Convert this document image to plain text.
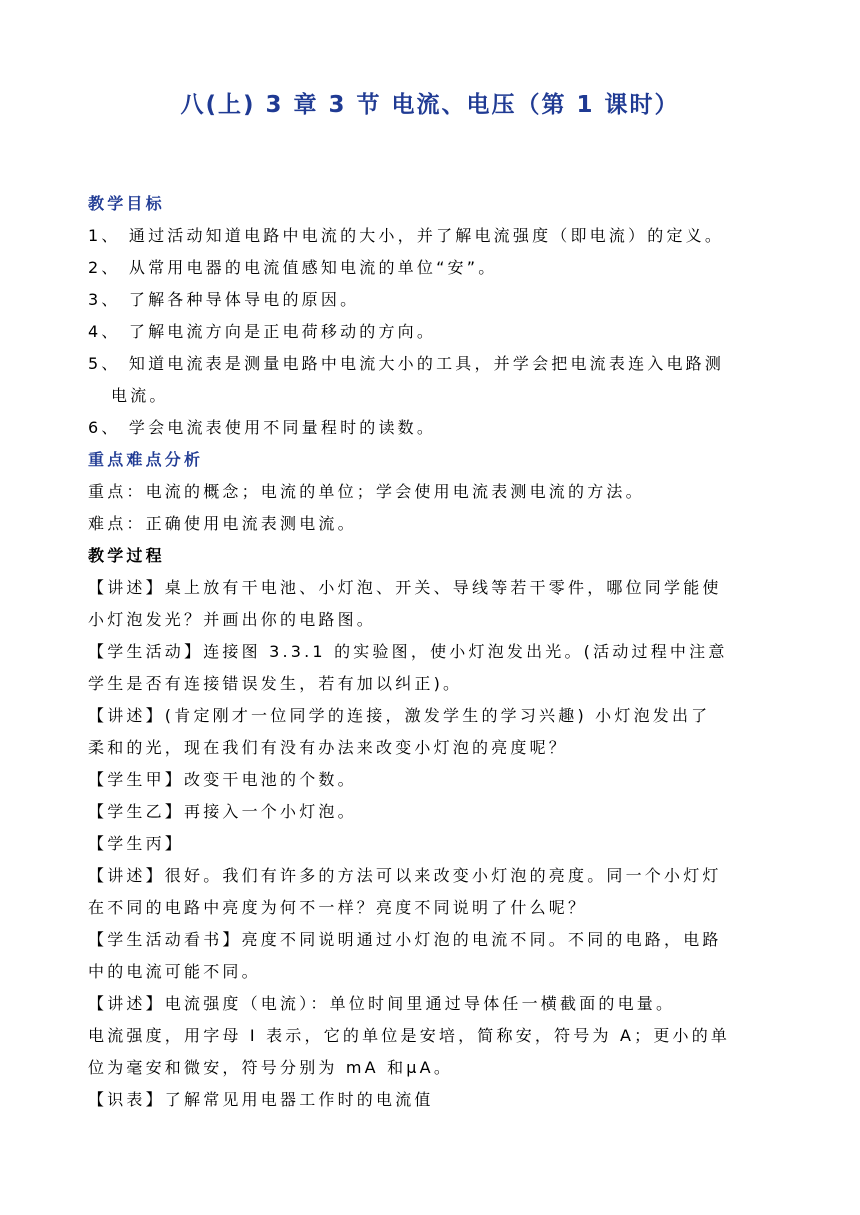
八(上) 3 章 3 节 电流、电压（第 1 课时）
教学目标
1、 通过活动知道电路中电流的大小，并了解电流强度（即电流）的定义。
2、 从常用电器的电流值感知电流的单位“安”。
3、 了解各种导体导电的原因。
4、 了解电流方向是正电荷移动的方向。
5、 知道电流表是测量电路中电流大小的工具，并学会把电流表连入电路测
电流。
6、 学会电流表使用不同量程时的读数。
重点难点分析
重点：电流的概念；电流的单位；学会使用电流表测电流的方法。
难点：正确使用电流表测电流。
教学过程
【讲述】桌上放有干电池、小灯泡、开关、导线等若干零件，哪位同学能使
小灯泡发光？并画出你的电路图。
【学生活动】连接图 3.3.1 的实验图，使小灯泡发出光。(活动过程中注意
学生是否有连接错误发生，若有加以纠正)。
【讲述】(肯定刚才一位同学的连接，激发学生的学习兴趣) 小灯泡发出了
柔和的光，现在我们有没有办法来改变小灯泡的亮度呢？
【学生甲】改变干电池的个数。
【学生乙】再接入一个小灯泡。
【学生丙】
【讲述】很好。我们有许多的方法可以来改变小灯泡的亮度。同一个小灯灯
在不同的电路中亮度为何不一样？亮度不同说明了什么呢？
【学生活动看书】亮度不同说明通过小灯泡的电流不同。不同的电路，电路
中的电流可能不同。
【讲述】电流强度（电流）：单位时间里通过导体任一横截面的电量。
电流强度，用字母 I 表示，它的单位是安培，简称安，符号为 A；更小的单
位为毫安和微安，符号分别为 mA 和μA。
【识表】了解常见用电器工作时的电流值
